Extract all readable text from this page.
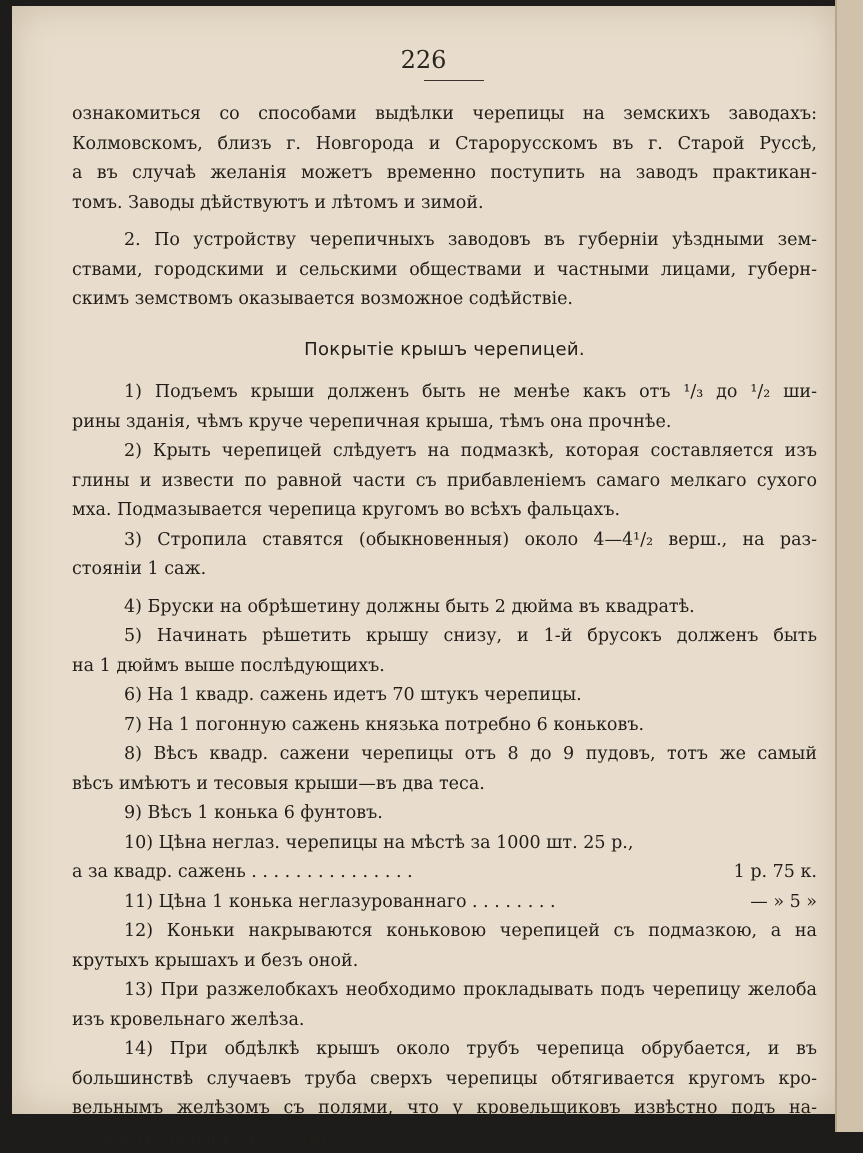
226
ознакомиться со способами выдѣлки черепицы на земскихъ заводахъ:
Колмовскомъ, близъ г. Новгорода и Старорусскомъ въ г. Старой Руссѣ,
а въ случаѣ желанія можетъ временно поступить на заводъ практикан-
томъ. Заводы дѣйствуютъ и лѣтомъ и зимой.
2. По устройству черепичныхъ заводовъ въ губерніи уѣздными зем-
ствами, городскими и сельскими обществами и частными лицами, губерн-
скимъ земствомъ оказывается возможное содѣйствіе.
Покрытіе крышъ черепицей.
1) Подъемъ крыши долженъ быть не менѣе какъ отъ ¹/₃ до ¹/₂ ши-
рины зданія, чѣмъ круче черепичная крыша, тѣмъ она прочнѣе.
2) Крыть черепицей слѣдуетъ на подмазкѣ, которая составляется изъ
глины и извести по равной части съ прибавленіемъ самаго мелкаго сухого
мха. Подмазывается черепица кругомъ во всѣхъ фальцахъ.
3) Стропила ставятся (обыкновенныя) около 4—4¹/₂ верш., на раз-
стояніи 1 саж.
4) Бруски на обрѣшетину должны быть 2 дюйма въ квадратѣ.
5) Начинать рѣшетить крышу снизу, и 1-й брусокъ долженъ быть
на 1 дюймъ выше послѣдующихъ.
6) На 1 квадр. сажень идетъ 70 штукъ черепицы.
7) На 1 погонную сажень князька потребно 6 коньковъ.
8) Вѣсъ квадр. сажени черепицы отъ 8 до 9 пудовъ, тотъ же самый
вѣсъ имѣютъ и тесовыя крыши—въ два теса.
9) Вѣсъ 1 конька 6 фунтовъ.
10) Цѣна неглаз. черепицы на мѣстѣ за 1000 шт. 25 р.,
а за квадр. сажень . . . . . . . . . . . . . . .	1 р. 75 к.
11) Цѣна 1 конька неглазурованнаго . . . . . . . .	— » 5 »
12) Коньки накрываются коньковою черепицей съ подмазкою, а на
крутыхъ крышахъ и безъ оной.
13) При разжелобкахъ необходимо прокладывать подъ черепицу желоба
изъ кровельнаго желѣза.
14) При обдѣлкѣ крышъ около трубъ черепица обрубается, и въ
большинствѣ случаевъ труба сверхъ черепицы обтягивается кругомъ кро-
вельнымъ желѣзомъ съ полями, что у кровельщиковъ извѣстно подъ на-
званіемъ „шарфъ съ полями“.
